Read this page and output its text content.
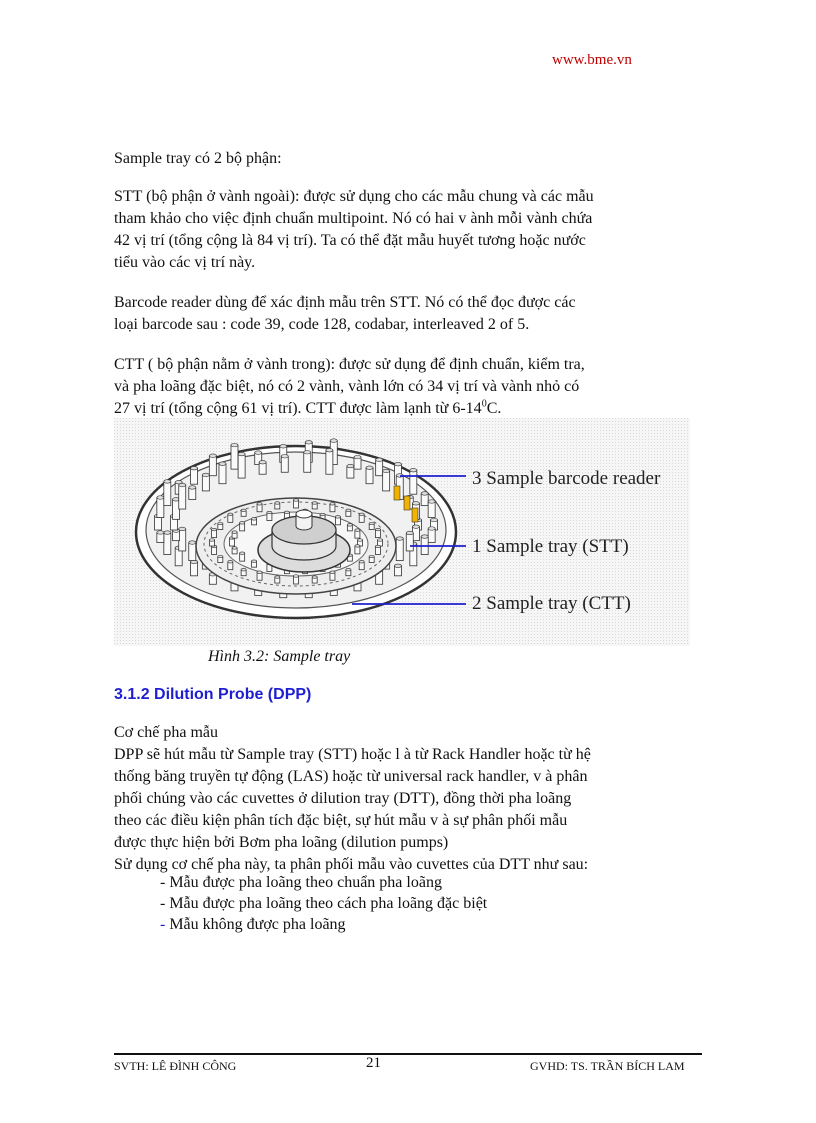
www.bme.vn

Sample tray có 2 bộ phận:

STT (bộ phận ở vành ngoài): được sử dụng cho các mẫu chung và các mẫu
tham khảo cho việc định chuẩn multipoint. Nó có hai v ành mỗi vành chứa
42 vị trí (tổng cộng là 84 vị trí). Ta có thể đặt mẫu huyết tương hoặc nước
tiểu vào các vị trí này.

Barcode reader dùng để xác định mẫu trên STT. Nó có thể đọc được các
loại barcode sau : code 39, code 128, codabar, interleaved 2 of 5.

CTT ( bộ phận nằm ở vành trong): được sử dụng để định chuẩn, kiểm tra,
và pha loãng đặc biệt, nó có 2 vành, vành lớn có 34 vị trí và vành nhỏ có
27 vị trí (tổng cộng 61 vị trí). CTT được làm lạnh từ $6-14^0C$.

3 Sample barcode reader
1 Sample tray (STT)
2 Sample tray (CTT)
Hình 3.2: Sample tray
3.1.2 Dilution Probe (DPP)

Cơ chế pha mẫu
DPP sẽ hút mẫu từ Sample tray (STT) hoặc l à từ Rack Handler hoặc từ hệ
thống băng truyền tự động (LAS) hoặc từ universal rack handler, v à phân
phối chúng vào các cuvettes ở dilution tray (DTT), đồng thời pha loãng
theo các điều kiện phân tích đặc biệt, sự hút mẫu v à sự phân phối mẫu
được thực hiện bởi Bơm pha loãng (dilution pumps)
Sử dụng cơ chế pha này, ta phân phối mẫu vào cuvettes của DTT như sau:

- Mẫu được pha loãng theo chuẩn pha loãng
- Mẫu được pha loãng theo cách pha loãng đặc biệt
- Mẫu không được pha loãng
SVTH: LÊ ĐÌNH CÔNG	21	GVHD: TS. TRẦN BÍCH LAM
